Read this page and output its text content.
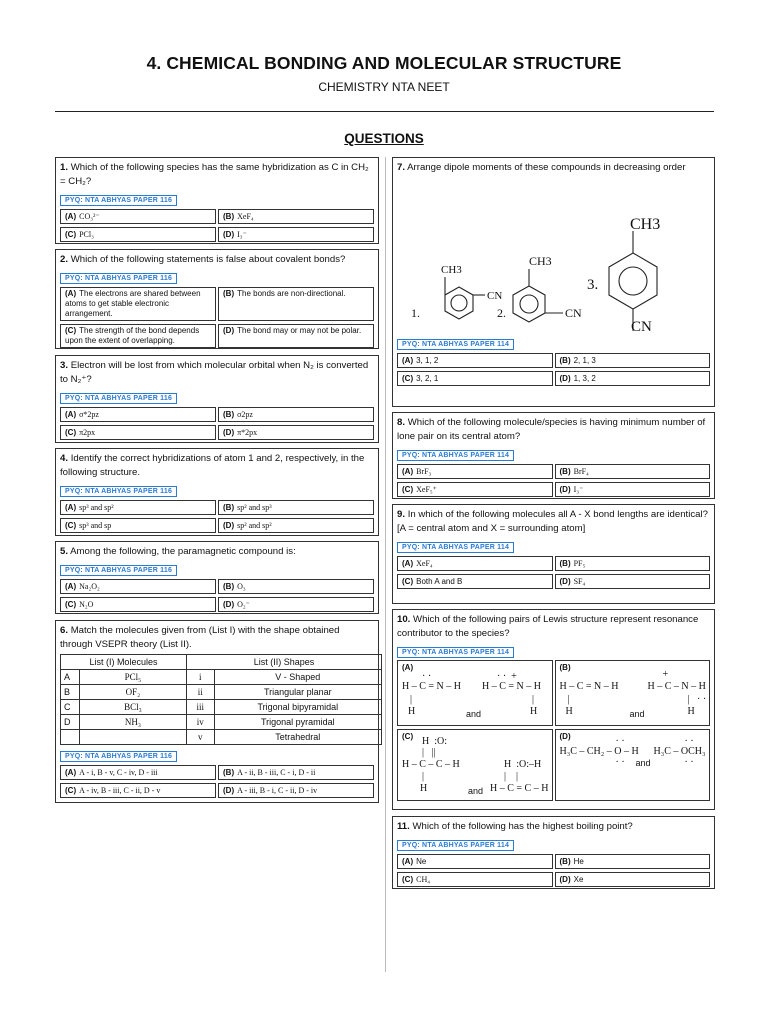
4. CHEMICAL BONDING AND MOLECULAR STRUCTURE
CHEMISTRY NTA NEET
QUESTIONS
1. Which of the following species has the same hybridization as C in CH₂ = CH₂?
PYQ: NTA ABHYAS PAPER 116
(A) CO₃²⁻	(B) XeF₄
(C) PCl₃	(D) I₃⁻
2. Which of the following statements is false about covalent bonds?
PYQ: NTA ABHYAS PAPER 116
(A) The electrons are shared between atoms to get stable electronic arrangement.
(B) The bonds are non-directional.
(C) The strength of the bond depends upon the extent of overlapping.
(D) The bond may or may not be polar.
3. Electron will be lost from which molecular orbital when N₂ is converted to N₂⁺?
PYQ: NTA ABHYAS PAPER 116
(A) σ*2pz	(B) σ2pz
(C) π2px	(D) π*2px
4. Identify the correct hybridizations of atom 1 and 2, respectively, in the following structure.
PYQ: NTA ABHYAS PAPER 116
(A) sp³ and sp²	(B) sp² and sp³
(C) sp³ and sp	(D) sp² and sp²
5. Among the following, the paramagnetic compound is:
PYQ: NTA ABHYAS PAPER 116
(A) Na₂O₂	(B) O₃
(C) N₂O	(D) O₂⁻
6. Match the molecules given from (List I) with the shape obtained through VSEPR theory (List II).
List (I) Molecules		List (II) Shapes	
A	PCl₅	i	V - Shaped
B	OF₂	ii	Triangular planar
C	BCl₃	iii	Trigonal bipyramidal
D	NH₃	iv	Trigonal pyramidal
		v	Tetrahedral
PYQ: NTA ABHYAS PAPER 116
(A) A - i, B - v, C - iv, D - iii	(B) A - ii, B - iii, C - i, D - ii
(C) A - iv, B - iii, C - ii, D - v	(D) A - iii, B - i, C - ii, D - iv
7. Arrange dipole moments of these compounds in decreasing order
1.
CH3
CN
2.
CH3
CN
3.
CH3
CN
PYQ: NTA ABHYAS PAPER 114
(A) 3, 1, 2	(B) 2, 1, 3
(C) 3, 2, 1	(D) 1, 3, 2
8. Which of the following molecule/species is having minimum number of lone pair on its central atom?
PYQ: NTA ABHYAS PAPER 114
(A) BrF₃	(B) BrF₄
(C) XeF₅⁺	(D) I₃⁻
9. In which of the following molecules all A - X bond lengths are identical?
[A = central atom and X = surrounding atom]
PYQ: NTA ABHYAS PAPER 114
(A) XeF₄	(B) PF₅
(C) Both A and B	(D) SF₄
10. Which of the following pairs of Lewis structure represent resonance contributor to the species?
PYQ: NTA ABHYAS PAPER 114
(A)
· ·
H – C = N – H
|
H
· ·  +
H – C = N – H
|
H
and
(B)
H – C = N – H
|
H
+
H – C – N – H
|   · ·
H
and
(C) H  :O:
|   ||
H – C – C – H
|
H
H  :O:–H
|    |
H – C = C – H
and
(D)	· ·
H₃C – CH₂ – O – H
· ·
· ·
H₃C – OCH₃
· ·
and
11. Which of the following has the highest boiling point?
PYQ: NTA ABHYAS PAPER 114
(A) Ne	(B) He
(C) CH₄	(D) Xe
